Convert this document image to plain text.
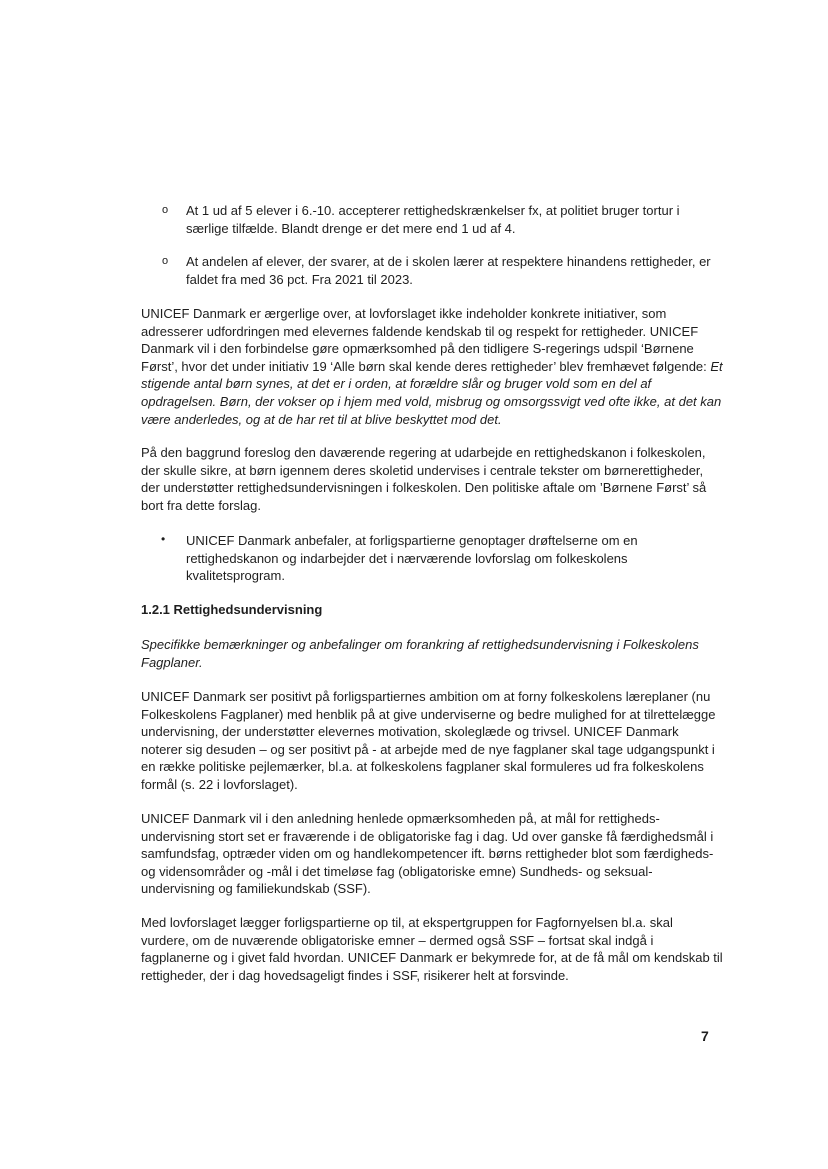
o At 1 ud af 5 elever i 6.-10. accepterer rettighedskrænkelser fx, at politiet bruger tortur i særlige tilfælde. Blandt drenge er det mere end 1 ud af 4.

o At andelen af elever, der svarer, at de i skolen lærer at respektere hinandens rettigheder, er faldet fra med 36 pct. Fra 2021 til 2023.

UNICEF Danmark er ærgerlige over, at lovforslaget ikke indeholder konkrete initiativer, som adresserer udfordringen med elevernes faldende kendskab til og respekt for rettigheder. UNICEF Danmark vil i den forbindelse gøre opmærksomhed på den tidligere S-regerings udspil ‘Børnene Først’, hvor det under initiativ 19 ‘Alle børn skal kende deres rettigheder’ blev fremhævet følgende: Et stigende antal børn synes, at det er i orden, at forældre slår og bruger vold som en del af opdragelsen. Børn, der vokser op i hjem med vold, misbrug og omsorgssvigt ved ofte ikke, at det kan være anderledes, og at de har ret til at blive beskyttet mod det.

På den baggrund foreslog den daværende regering at udarbejde en rettighedskanon i folkeskolen, der skulle sikre, at børn igennem deres skoletid undervises i centrale tekster om børnerettigheder, der understøtter rettighedsundervisningen i folkeskolen. Den politiske aftale om ’Børnene Først’ så bort fra dette forslag.

• UNICEF Danmark anbefaler, at forligspartierne genoptager drøftelserne om en rettighedskanon og indarbejder det i nærværende lovforslag om folkeskolens kvalitetsprogram.

1.2.1 Rettighedsundervisning

Specifikke bemærkninger og anbefalinger om forankring af rettighedsundervisning i Folkeskolens Fagplaner.

UNICEF Danmark ser positivt på forligspartiernes ambition om at forny folkeskolens læreplaner (nu Folkeskolens Fagplaner) med henblik på at give underviserne og bedre mulighed for at tilrettelægge undervisning, der understøtter elevernes motivation, skoleglæde og trivsel. UNICEF Danmark noterer sig desuden – og ser positivt på - at arbejde med de nye fagplaner skal tage udgangspunkt i en række politiske pejlemærker, bl.a. at folkeskolens fagplaner skal formuleres ud fra folkeskolens formål (s. 22 i lovforslaget).

UNICEF Danmark vil i den anledning henlede opmærksomheden på, at mål for rettigheds-undervisning stort set er fraværende i de obligatoriske fag i dag. Ud over ganske få færdighedsmål i samfundsfag, optræder viden om og handlekompetencer ift. børns rettigheder blot som færdigheds- og vidensområder og -mål i det timeløse fag (obligatoriske emne) Sundheds- og seksual- undervisning og familiekundskab (SSF).

Med lovforslaget lægger forligspartierne op til, at ekspertgruppen for Fagfornyelsen bl.a. skal vurdere, om de nuværende obligatoriske emner – dermed også SSF – fortsat skal indgå i fagplanerne og i givet fald hvordan. UNICEF Danmark er bekymrede for, at de få mål om kendskab til rettigheder, der i dag hovedsageligt findes i SSF, risikerer helt at forsvinde.

7
